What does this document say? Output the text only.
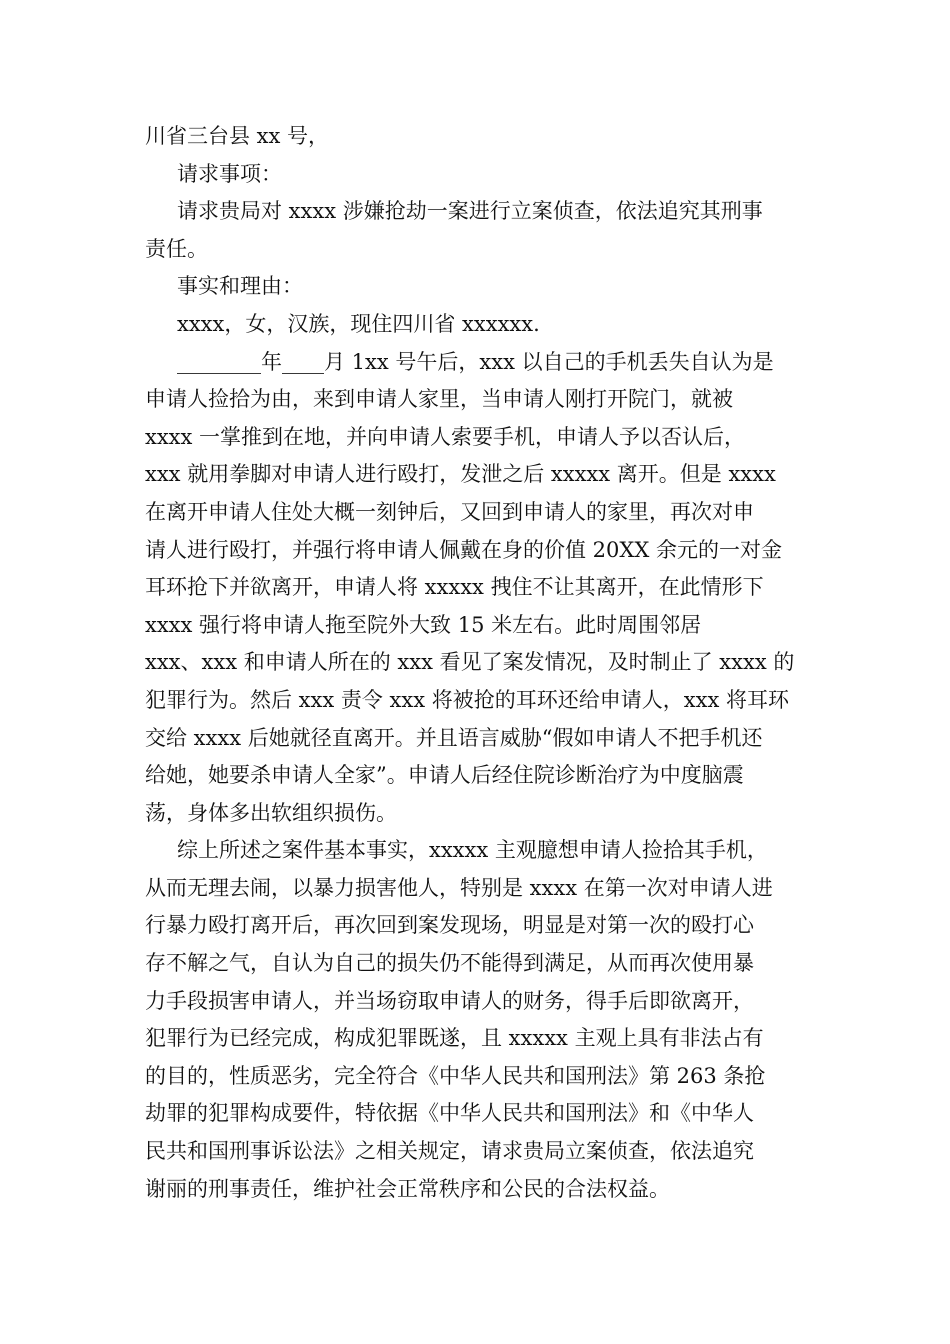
川省三台县 xx 号，
请求事项：
请求贵局对 xxxx 涉嫌抢劫一案进行立案侦查，依法追究其刑事
责任。
事实和理由：
xxxx，女，汉族，现住四川省 xxxxxx.
________年____月 1xx 号午后，xxx 以自己的手机丢失自认为是
申请人捡拾为由，来到申请人家里，当申请人刚打开院门，就被
xxxx 一掌推到在地，并向申请人索要手机，申请人予以否认后，
xxx 就用拳脚对申请人进行殴打，发泄之后 xxxxx 离开。但是 xxxx
在离开申请人住处大概一刻钟后，又回到申请人的家里，再次对申
请人进行殴打，并强行将申请人佩戴在身的价值 20XX 余元的一对金
耳环抢下并欲离开，申请人将 xxxxx 拽住不让其离开，在此情形下
xxxx 强行将申请人拖至院外大致 15 米左右。此时周围邻居
xxx、xxx 和申请人所在的 xxx 看见了案发情况，及时制止了 xxxx 的
犯罪行为。然后 xxx 责令 xxx 将被抢的耳环还给申请人，xxx 将耳环
交给 xxxx 后她就径直离开。并且语言威胁“假如申请人不把手机还
给她，她要杀申请人全家”。申请人后经住院诊断治疗为中度脑震
荡，身体多出软组织损伤。
综上所述之案件基本事实，xxxxx 主观臆想申请人捡拾其手机，
从而无理去闹，以暴力损害他人，特别是 xxxx 在第一次对申请人进
行暴力殴打离开后，再次回到案发现场，明显是对第一次的殴打心
存不解之气，自认为自己的损失仍不能得到满足，从而再次使用暴
力手段损害申请人，并当场窃取申请人的财务，得手后即欲离开，
犯罪行为已经完成，构成犯罪既遂，且 xxxxx 主观上具有非法占有
的目的，性质恶劣，完全符合《中华人民共和国刑法》第 263 条抢
劫罪的犯罪构成要件，特依据《中华人民共和国刑法》和《中华人
民共和国刑事诉讼法》之相关规定，请求贵局立案侦查，依法追究
谢丽的刑事责任，维护社会正常秩序和公民的合法权益。
